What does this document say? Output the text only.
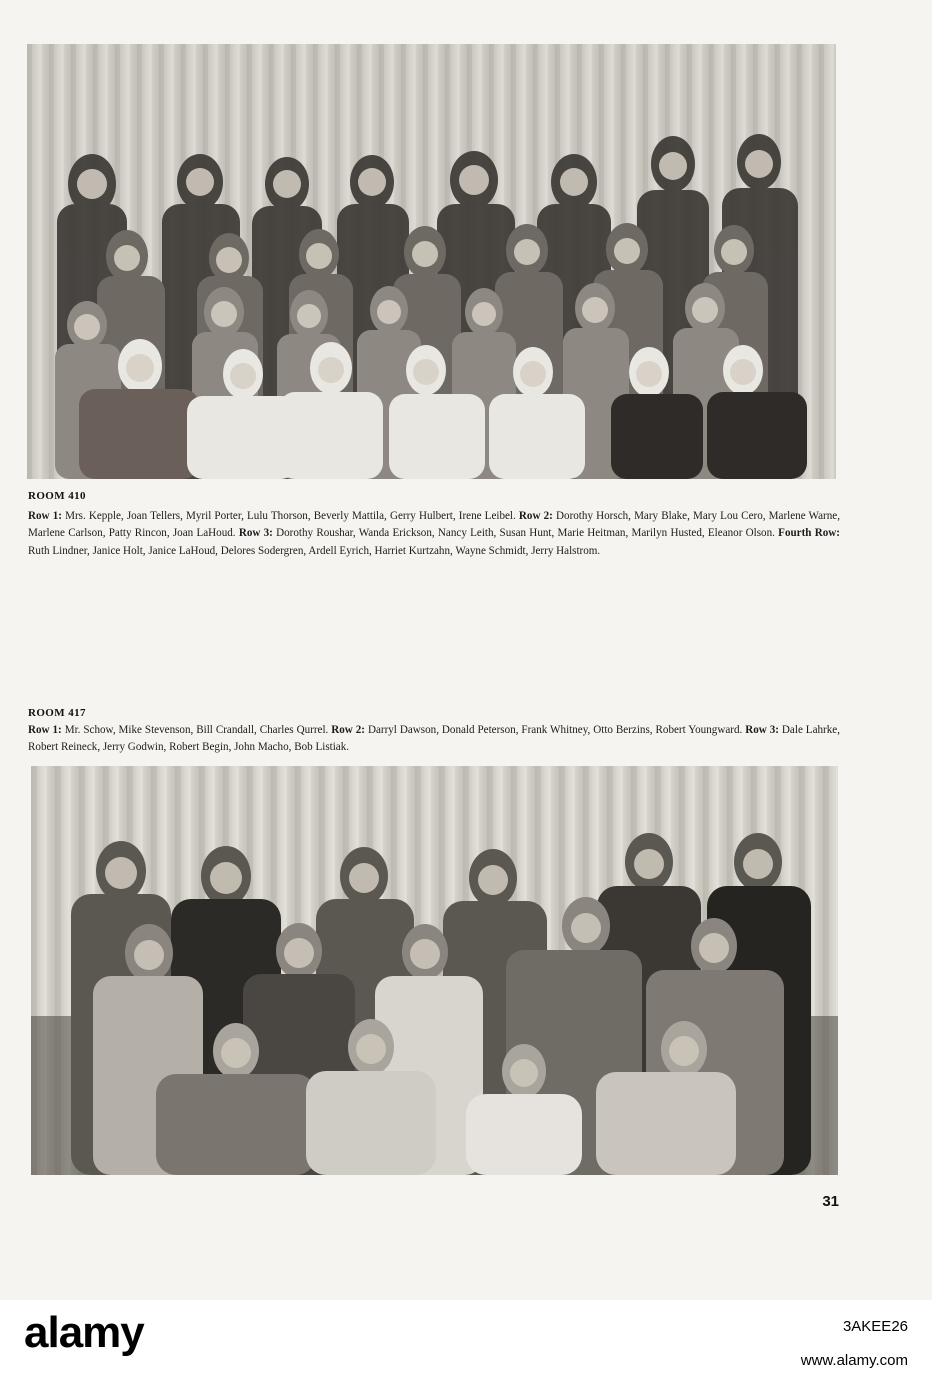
ROOM 410
Row 1: Mrs. Kepple, Joan Tellers, Myril Porter, Lulu Thorson, Beverly Mattila, Gerry Hulbert, Irene Leibel. Row 2: Dorothy Horsch, Mary Blake, Mary Lou Cero, Marlene Warne, Marlene Carlson, Patty Rincon, Joan LaHoud. Row 3: Dorothy Roushar, Wanda Erickson, Nancy Leith, Susan Hunt, Marie Heitman, Marilyn Husted, Eleanor Olson. Fourth Row: Ruth Lindner, Janice Holt, Janice LaHoud, Delores Sodergren, Ardell Eyrich, Harriet Kurtzahn, Wayne Schmidt, Jerry Halstrom.
ROOM 417
Row 1: Mr. Schow, Mike Stevenson, Bill Crandall, Charles Qurrel. Row 2: Darryl Dawson, Donald Peterson, Frank Whitney, Otto Berzins, Robert Youngward. Row 3: Dale Lahrke, Robert Reineck, Jerry Godwin, Robert Begin, John Macho, Bob Listiak.
31
alamy	3AKEE26
www.alamy.com
